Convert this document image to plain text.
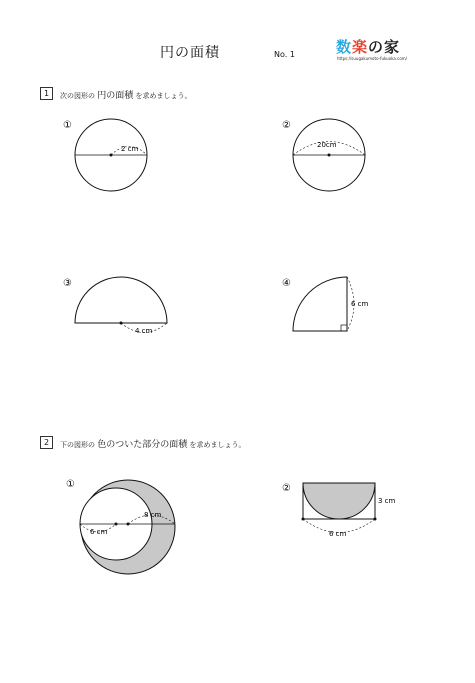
円の面積	No. 1	数楽の家
https://suugakumoto-fukuoka.com/
1	次の図形の 円の面積 を求めましょう。
2	下の図形の 色のついた部分の面積 を求めましょう。
①
2 cm
②
20cm
③
4 cm
④
6 cm
①
6 cm
8 cm
②
3 cm
6 cm
